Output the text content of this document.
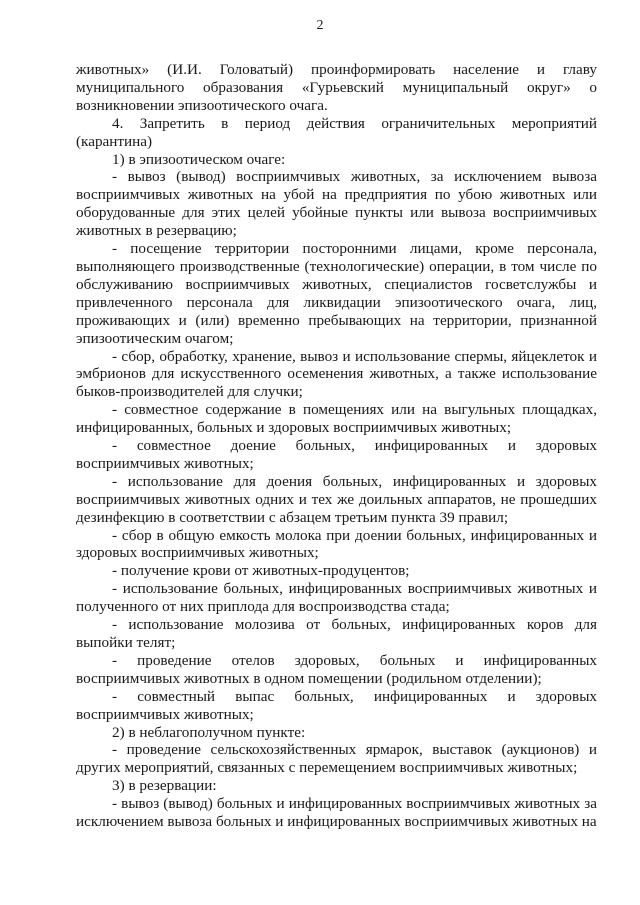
2

животных» (И.И. Головатый) проинформировать население и главу муниципального образования «Гурьевский муниципальный округ» о возникновении эпизоотического очага.

4. Запретить в период действия ограничительных мероприятий (карантина)

1) в эпизоотическом очаге:

- вывоз (вывод) восприимчивых животных, за исключением вывоза восприимчивых животных на убой на предприятия по убою животных или оборудованные для этих целей убойные пункты или вывоза восприимчивых животных в резервацию;

- посещение территории посторонними лицами, кроме персонала, выполняющего производственные (технологические) операции, в том числе по обслуживанию восприимчивых животных, специалистов госветслужбы и привлеченного персонала для ликвидации эпизоотического очага, лиц, проживающих и (или) временно пребывающих на территории, признанной эпизоотическим очагом;

- сбор, обработку, хранение, вывоз и использование спермы, яйцеклеток и эмбрионов для искусственного осеменения животных, а также использование быков-производителей для случки;

- совместное содержание в помещениях или на выгульных площадках, инфицированных, больных и здоровых восприимчивых животных;

- совместное доение больных, инфицированных и здоровых восприимчивых животных;

- использование для доения больных, инфицированных и здоровых восприимчивых животных одних и тех же доильных аппаратов, не прошедших дезинфекцию в соответствии с абзацем третьим пункта 39 правил;

- сбор в общую емкость молока при доении больных, инфицированных и здоровых восприимчивых животных;

- получение крови от животных-продуцентов;

- использование больных, инфицированных восприимчивых животных и полученного от них приплода для воспроизводства стада;

- использование молозива от больных, инфицированных коров для выпойки телят;

- проведение отелов здоровых, больных и инфицированных восприимчивых животных в одном помещении (родильном отделении);

- совместный выпас больных, инфицированных и здоровых восприимчивых животных;

2) в неблагополучном пункте:

- проведение сельскохозяйственных ярмарок, выставок (аукционов) и других мероприятий, связанных с перемещением восприимчивых животных;

3) в резервации:

- вывоз (вывод) больных и инфицированных восприимчивых животных за исключением вывоза больных и инфицированных восприимчивых животных на
